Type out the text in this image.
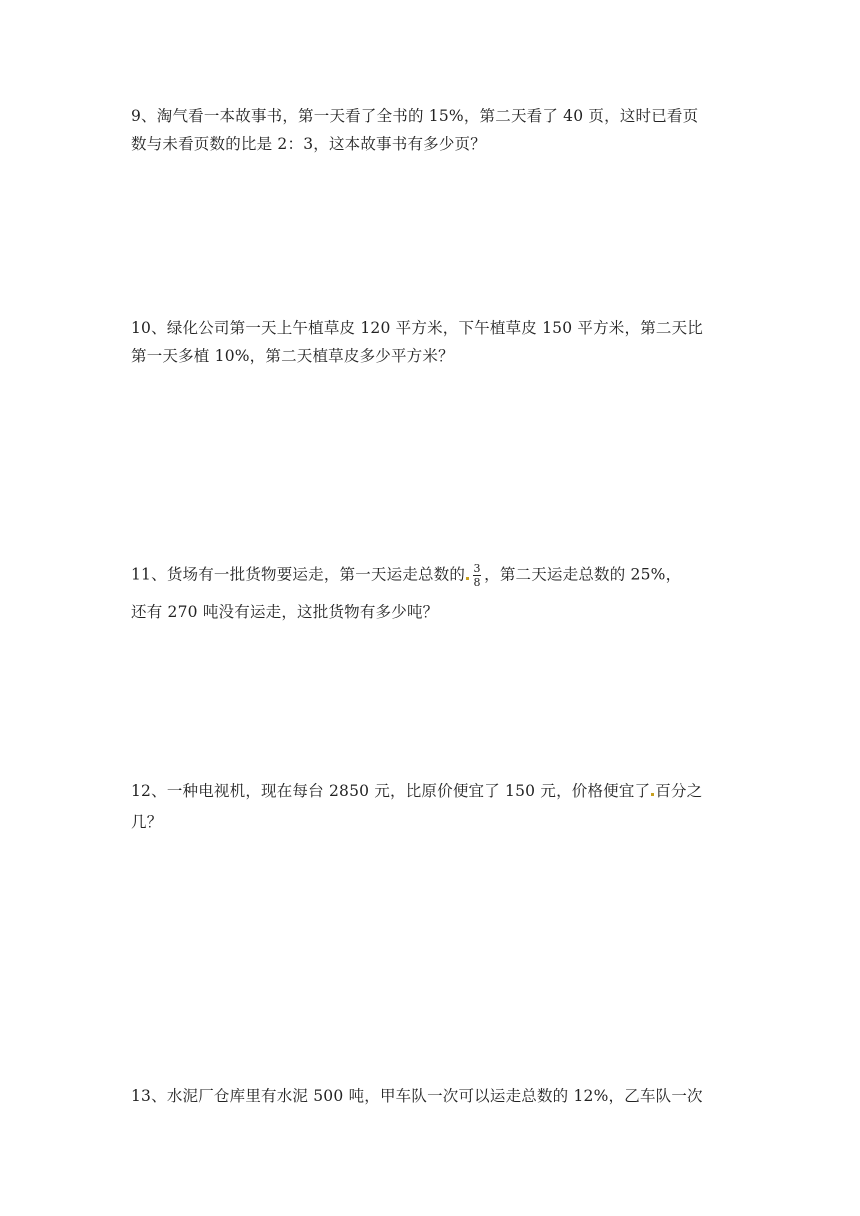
9、淘气看一本故事书，第一天看了全书的 15%，第二天看了 40 页，这时已看页
数与未看页数的比是 2：3，这本故事书有多少页？
10、绿化公司第一天上午植草皮 120 平方米，下午植草皮 150 平方米，第二天比
第一天多植 10%，第二天植草皮多少平方米？
11、货场有一批货物要运走，第一天运走总数的 $\frac{3}{8}$ ，第二天运走总数的 25%，
还有 270 吨没有运走，这批货物有多少吨？
12、一种电视机，现在每台 2850 元，比原价便宜了 150 元，价格便宜了 百分之
几？
13、水泥厂仓库里有水泥 500 吨，甲车队一次可以运走总数的 12%，乙车队一次
